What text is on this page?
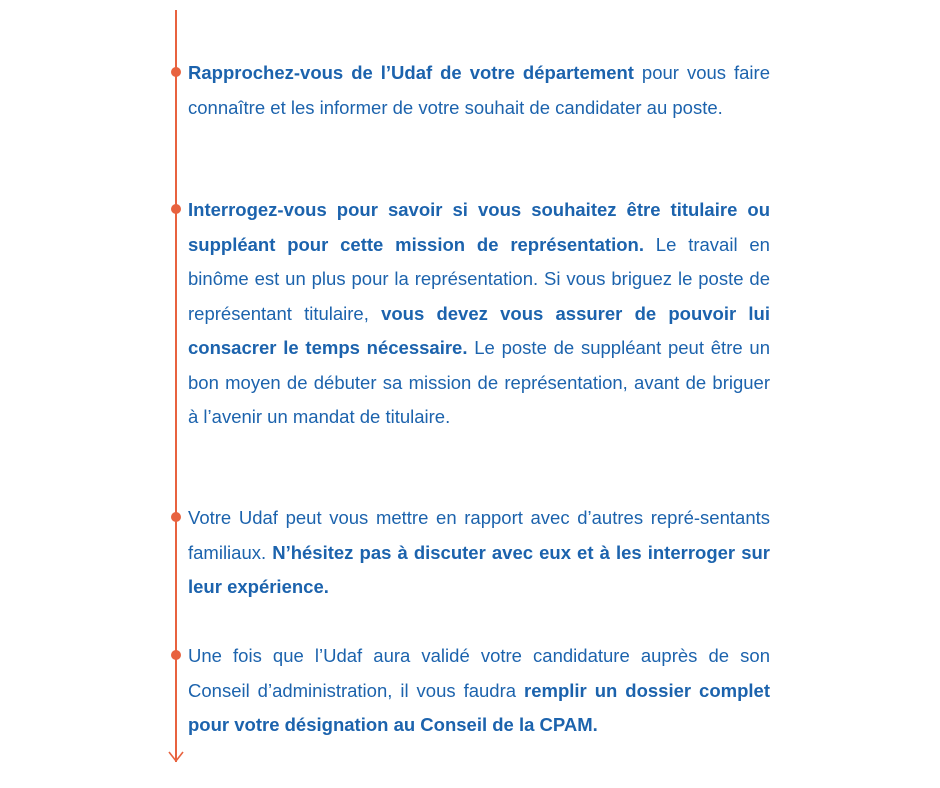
Rapprochez-vous de l’Udaf de votre département pour vous faire connaître et les informer de votre souhait de candidater au poste.

Interrogez-vous pour savoir si vous souhaitez être titulaire ou suppléant pour cette mission de représentation. Le travail en binôme est un plus pour la représentation. Si vous briguez le poste de représentant titulaire, vous devez vous assurer de pouvoir lui consacrer le temps nécessaire. Le poste de suppléant peut être un bon moyen de débuter sa mission de représentation, avant de briguer à l’avenir un mandat de titulaire.

Votre Udaf peut vous mettre en rapport avec d’autres repré-sentants familiaux. N’hésitez pas à discuter avec eux et à les interroger sur leur expérience.

Une fois que l’Udaf aura validé votre candidature auprès de son Conseil d’administration, il vous faudra remplir un dossier complet pour votre désignation au Conseil de la CPAM.
